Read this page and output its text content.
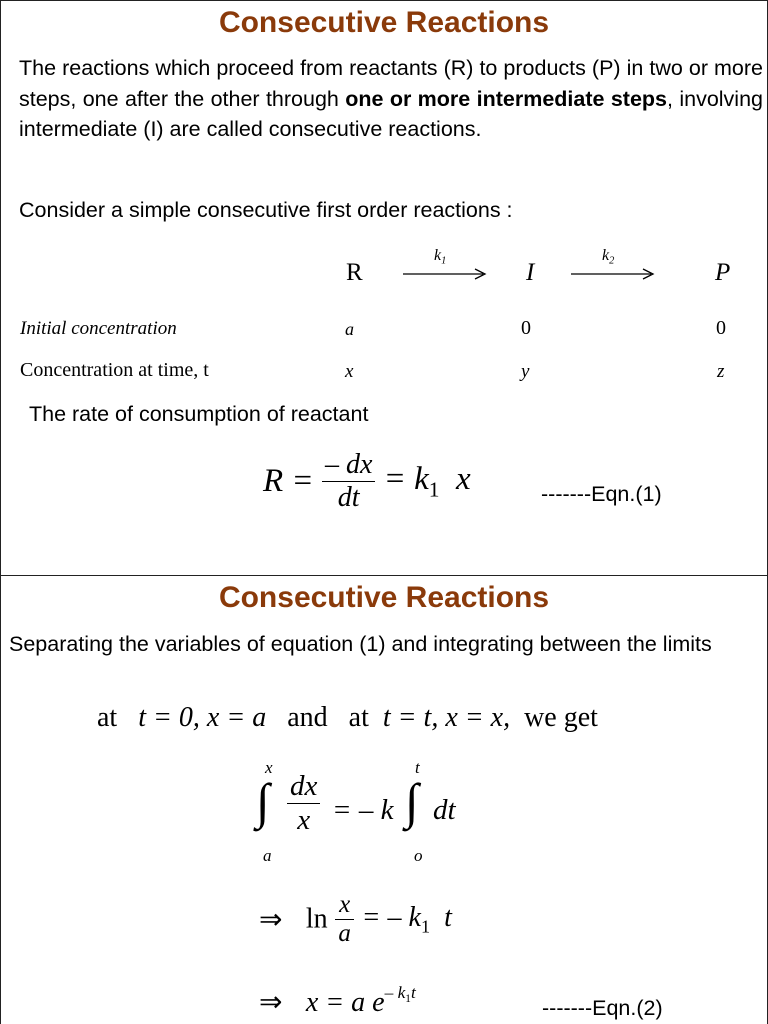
Consecutive Reactions
The reactions which proceed from reactants (R) to products (P) in two or more steps, one after the other through one or more intermediate steps, involving intermediate (I) are called consecutive reactions.
Consider a simple consecutive first order reactions :
R
$k_1$	I
$k_2$	P
Initial concentration	a	0	0
Concentration at time, t	x	y	z
The rate of consumption of reactant
$R = \frac{- dx}{dt} = k_1$ x	-------Eqn.(1)
Consecutive Reactions
Separating the variables of equation (1) and integrating between the limits
at t = 0, x = a and at t = t, x = x, we get
x
∫
a
$\frac{dx}{x}$ = – k
t
∫
o
dt
⇒ $\ln \frac{x}{a}$ = – $k_1$ t
⇒ x = a $e^{- k_1t}$
-------Eqn.(2)
